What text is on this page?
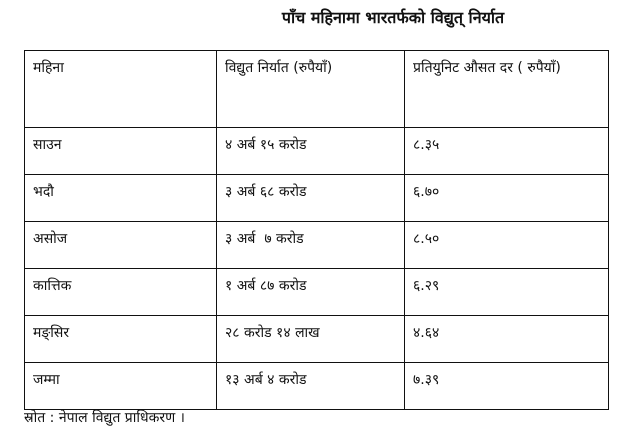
पाँच महिनामा भारतर्फको विद्युत् निर्यात
महिना	विद्युत निर्यात (रुपैयाँ)	प्रतियुनिट औसत दर ( रुपैयाँ)
साउन	४ अर्ब १५ करोड	८.३५
भदौ	३ अर्ब ६८ करोड	६.७०
असोज	३ अर्ब  ७ करोड	८.५०
कात्तिक	१ अर्ब ८७ करोड	६.२९
मङ्सिर	२८ करोड १४ लाख	४.६४
जम्मा	१३ अर्ब ४ करोड	७.३९
स्रोत : नेपाल विद्युत प्राधिकरण ।
